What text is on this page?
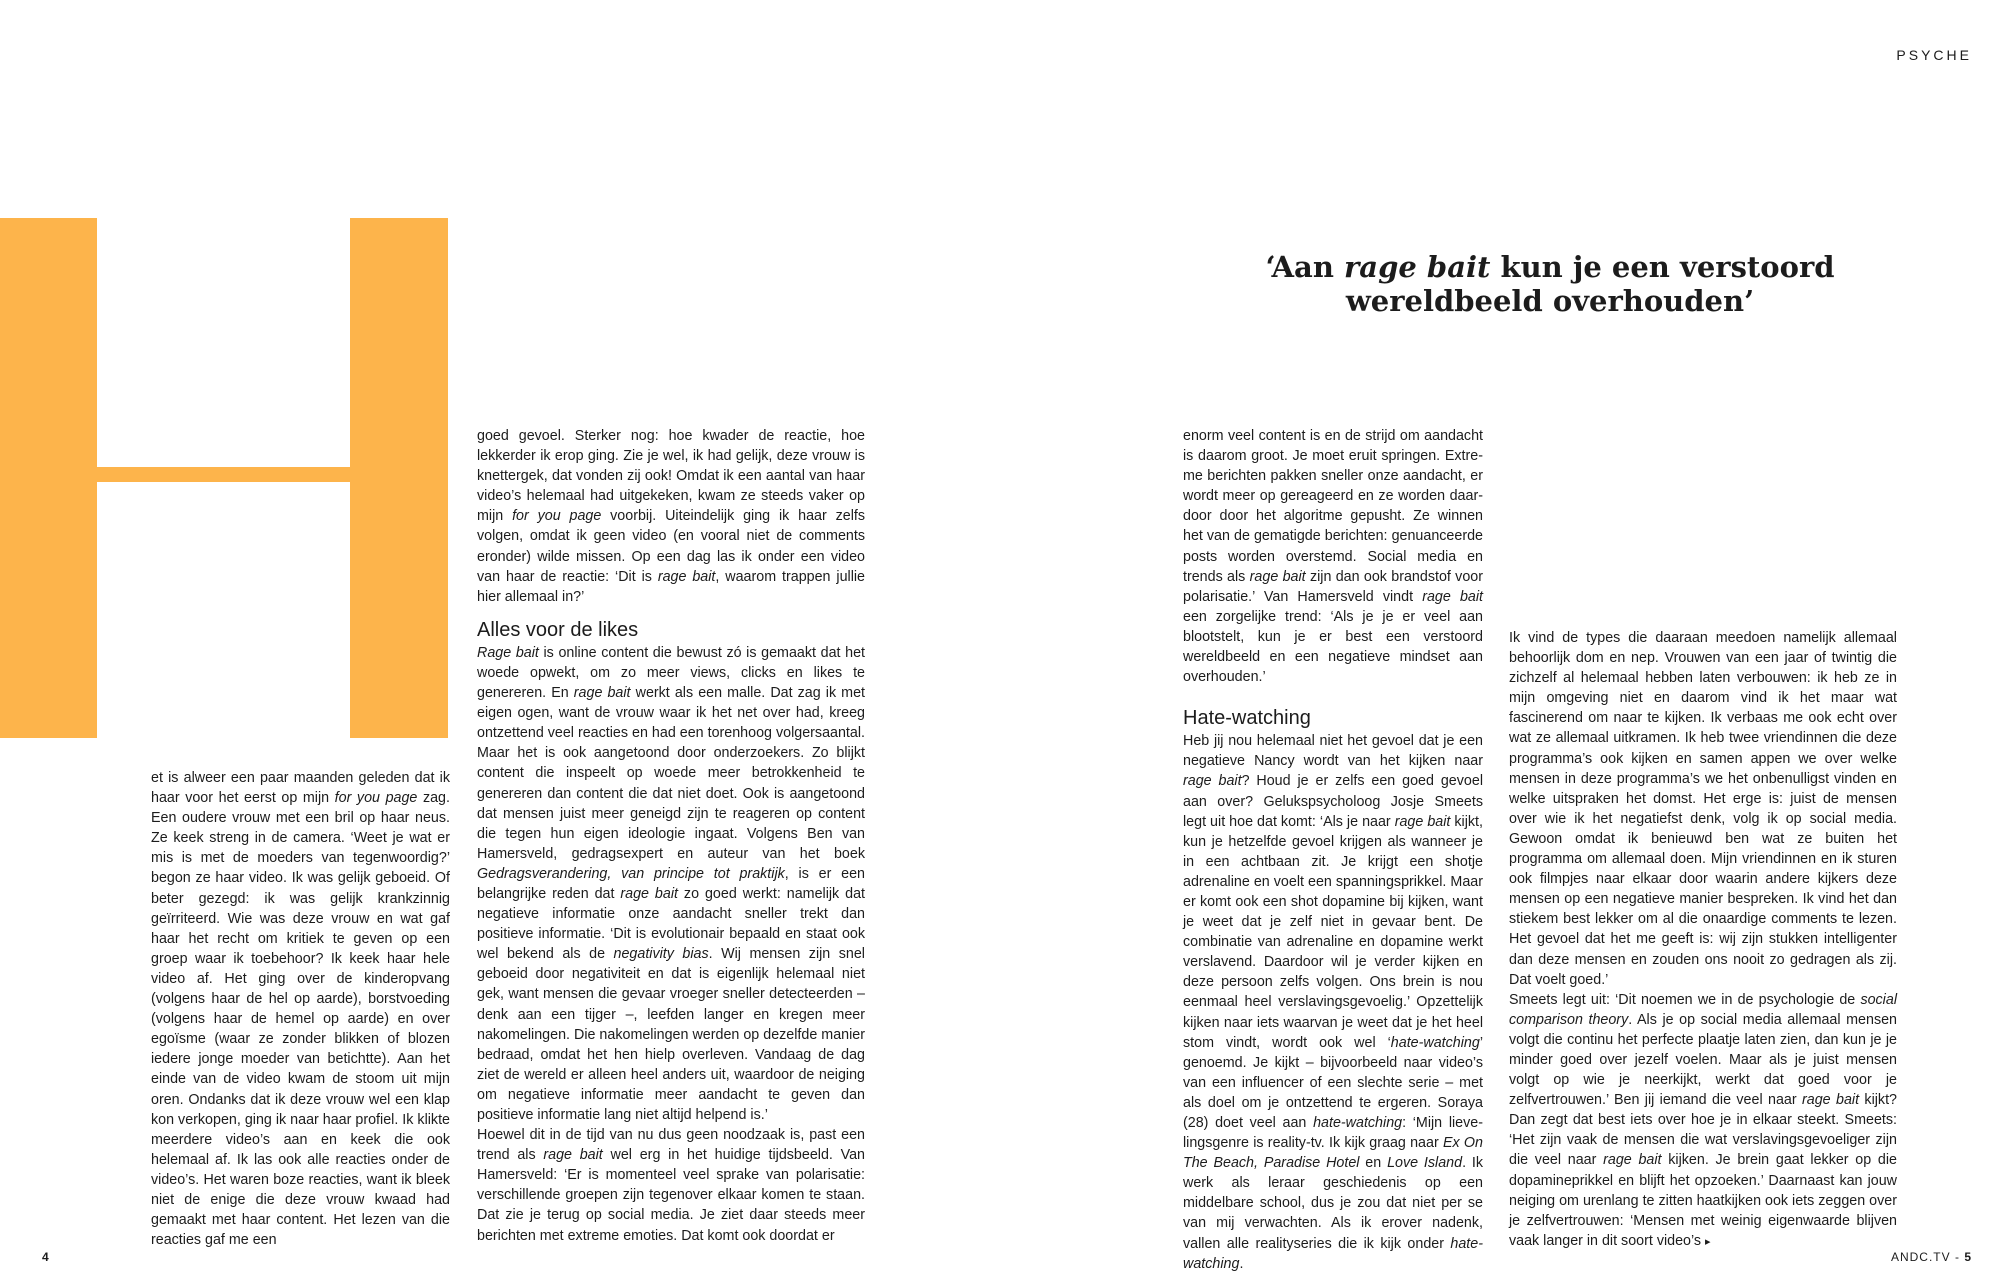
PSYCHE
‘Aan rage bait kun je een verstoord wereldbeeld overhouden’

et is alweer een paar maanden geleden dat ik haar voor het eerst op mijn for you page zag. Een oudere vrouw met een bril op haar neus. Ze keek streng in de camera. ‘Weet je wat er mis is met de moeders van tegenwoordig?’ begon ze haar video. Ik was gelijk geboeid. Of beter gezegd: ik was gelijk krankzinnig geïrriteerd. Wie was deze vrouw en wat gaf haar het recht om kritiek te geven op een groep waar ik toebehoor? Ik keek haar hele video af. Het ging over de kinderopvang (volgens haar de hel op aarde), borstvoeding (volgens haar de hemel op aarde) en over egoïsme (waar ze zonder blikken of blozen iedere jonge moeder van betichtte). Aan het einde van de video kwam de stoom uit mijn oren. Ondanks dat ik deze vrouw wel een klap kon verkopen, ging ik naar haar profiel. Ik klikte meerdere video’s aan en keek die ook helemaal af. Ik las ook alle reacties onder de video’s. Het waren boze reacties, want ik bleek niet de enige die deze vrouw kwaad had gemaakt met haar content. Het lezen van die reacties gaf me een

goed gevoel. Sterker nog: hoe kwader de reactie, hoe lekkerder ik erop ging. Zie je wel, ik had gelijk, deze vrouw is knettergek, dat vonden zij ook! Omdat ik een aantal van haar video’s helemaal had uitgekeken, kwam ze steeds vaker op mijn for you page voorbij. Uiteindelijk ging ik haar zelfs volgen, omdat ik geen video (en vooral niet de comments eronder) wilde missen. Op een dag las ik onder een video van haar de reactie: ‘Dit is rage bait, waarom trappen jullie hier allemaal in?’

Alles voor de likes

Rage bait is online content die bewust zó is gemaakt dat het woede opwekt, om zo meer views, clicks en likes te genereren. En rage bait werkt als een malle. Dat zag ik met eigen ogen, want de vrouw waar ik het net over had, kreeg ontzettend veel reacties en had een torenhoog volgersaantal. Maar het is ook aangetoond door onderzoekers. Zo blijkt content die inspeelt op woede meer betrokkenheid te genereren dan content die dat niet doet. Ook is aangetoond dat mensen juist meer geneigd zijn te reageren op content die tegen hun eigen ideologie ingaat. Volgens Ben van Hamersveld, gedragsexpert en auteur van het boek Gedragsverandering, van principe tot praktijk, is er een belangrijke reden dat rage bait zo goed werkt: namelijk dat negatieve informatie onze aandacht sneller trekt dan positieve informatie. ‘Dit is evolutionair bepaald en staat ook wel bekend als de negativity bias. Wij mensen zijn snel geboeid door negativiteit en dat is eigenlijk helemaal niet gek, want mensen die gevaar vroeger sneller detecteerden – denk aan een tijger –, leefden langer en kregen meer nakomelingen. Die nakomelingen werden op dezelfde manier bedraad, omdat het hen hielp overleven. Vandaag de dag ziet de wereld er alleen heel anders uit, waardoor de neiging om negatieve informatie meer aandacht te geven dan positieve informatie lang niet altijd helpend is.’

Hoewel dit in de tijd van nu dus geen noodzaak is, past een trend als rage bait wel erg in het huidige tijdsbeeld. Van Hamersveld: ‘Er is momenteel veel sprake van polarisatie: verschillende groepen zijn tegenover elkaar komen te staan. Dat zie je terug op social media. Je ziet daar steeds meer berichten met extreme emoties. Dat komt ook doordat er

enorm veel content is en de strijd om aandacht is daarom groot. Je moet eruit springen. Extreme berichten pakken sneller onze aandacht, er wordt meer op gereageerd en ze worden daardoor door het algoritme gepusht. Ze winnen het van de gematigde berichten: genuanceerde posts worden overstemd. Social media en trends als rage bait zijn dan ook brandstof voor polarisatie.’ Van Hamersveld vindt rage bait een zorgelijke trend: ‘Als je je er veel aan blootstelt, kun je er best een verstoord wereldbeeld en een negatieve mindset aan overhouden.’

Hate-watching

Heb jij nou helemaal niet het gevoel dat je een negatieve Nancy wordt van het kijken naar rage bait? Houd je er zelfs een goed gevoel aan over? Gelukspsycholoog Josje Smeets legt uit hoe dat komt: ‘Als je naar rage bait kijkt, kun je hetzelfde gevoel krijgen als wanneer je in een achtbaan zit. Je krijgt een shotje adrenaline en voelt een spanningsprikkel. Maar er komt ook een shot dopamine bij kijken, want je weet dat je zelf niet in gevaar bent. De combinatie van adrenaline en dopamine werkt verslavend. Daardoor wil je verder kijken en deze persoon zelfs volgen. Ons brein is nou eenmaal heel verslavingsgevoelig.’ Opzettelijk kijken naar iets waarvan je weet dat je het heel stom vindt, wordt ook wel ‘hate-watching’ genoemd. Je kijkt – bijvoorbeeld naar video’s van een influencer of een slechte serie – met als doel om je ontzettend te ergeren. Soraya (28) doet veel aan hate-watching: ‘Mijn lievelingsgenre is reality-tv. Ik kijk graag naar Ex On The Beach, Paradise Hotel en Love Island. Ik werk als leraar geschiedenis op een middelbare school, dus je zou dat niet per se van mij verwachten. Als ik erover nadenk, vallen alle realityseries die ik kijk onder hate-watching.

Ik vind de types die daaraan meedoen namelijk allemaal behoorlijk dom en nep. Vrouwen van een jaar of twintig die zichzelf al helemaal hebben laten verbouwen: ik heb ze in mijn omgeving niet en daarom vind ik het maar wat fascinerend om naar te kijken. Ik verbaas me ook echt over wat ze allemaal uitkramen. Ik heb twee vriendinnen die deze programma’s ook kijken en samen appen we over welke mensen in deze programma’s we het onbenulligst vinden en welke uitspraken het domst. Het erge is: juist de mensen over wie ik het negatiefst denk, volg ik op social media. Gewoon omdat ik benieuwd ben wat ze buiten het programma om allemaal doen. Mijn vriendinnen en ik sturen ook filmpjes naar elkaar door waarin andere kijkers deze mensen op een negatieve manier bespreken. Ik vind het dan stiekem best lekker om al die onaardige comments te lezen. Het gevoel dat het me geeft is: wij zijn stukken intelligenter dan deze mensen en zouden ons nooit zo gedragen als zij. Dat voelt goed.’

Smeets legt uit: ‘Dit noemen we in de psychologie de social comparison theory. Als je op social media allemaal mensen volgt die continu het perfecte plaatje laten zien, dan kun je je minder goed over jezelf voelen. Maar als je juist mensen volgt op wie je neerkijkt, werkt dat goed voor je zelfvertrouwen.’ Ben jij iemand die veel naar rage bait kijkt? Dan zegt dat best iets over hoe je in elkaar steekt. Smeets: ‘Het zijn vaak de mensen die wat verslavingsgevoeliger zijn die veel naar rage bait kijken. Je brein gaat lekker op die dopamineprikkel en blijft het opzoeken.’ Daarnaast kan jouw neiging om urenlang te zitten haatkijken ook iets zeggen over je zelfvertrouwen: ‘Mensen met weinig eigenwaarde blijven vaak langer in dit soort video’s ▸

4	ANDC.TV - 5
